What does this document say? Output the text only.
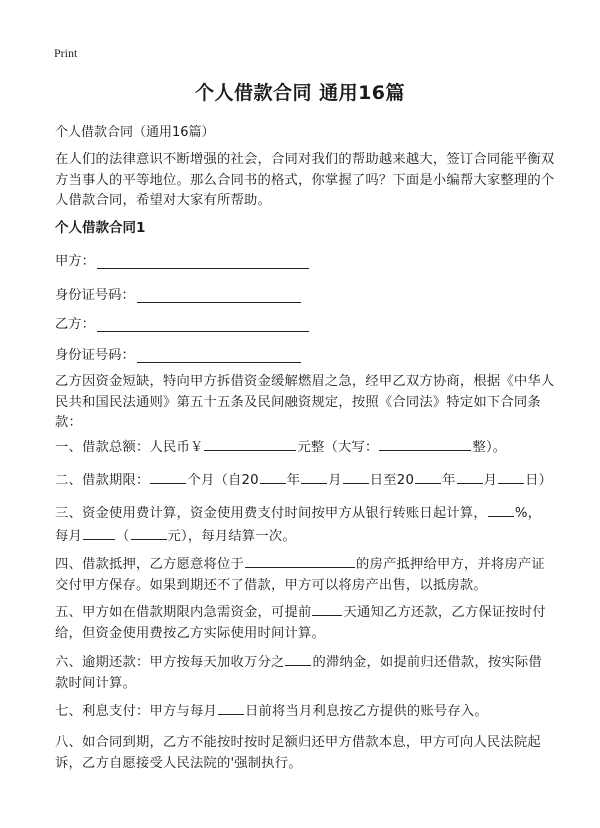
Print
个人借款合同 通用16篇
个人借款合同（通用16篇）
在人们的法律意识不断增强的社会，合同对我们的帮助越来越大，签订合同能平衡双方当事人的平等地位。那么合同书的格式，你掌握了吗？下面是小编帮大家整理的个人借款合同，希望对大家有所帮助。
个人借款合同1
甲方：
身份证号码：
乙方：
身份证号码：
乙方因资金短缺，特向甲方拆借资金缓解燃眉之急，经甲乙双方协商，根据《中华人民共和国民法通则》第五十五条及民间融资规定，按照《合同法》特定如下合同条款：
一、借款总额：人民币￥	元整（大写：	整）。
二、借款期限：	个月（自20 年 月 日至20 年 月 日）
三、资金使用费计算，资金使用费支付时间按甲方从银行转账日起计算， %，
每月	（	元），每月结算一次。
四、借款抵押，乙方愿意将位于	的房产抵押给甲方，并将房产证
交付甲方保存。如果到期还不了借款，甲方可以将房产出售，以抵房款。
五、甲方如在借款期限内急需资金，可提前 天通知乙方还款，乙方保证按时付
给，但资金使用费按乙方实际使用时间计算。
六、逾期还款：甲方按每天加收万分之 的滞纳金，如提前归还借款，按实际借
款时间计算。
七、利息支付：甲方与每月 日前将当月利息按乙方提供的账号存入。
八、如合同到期，乙方不能按时按时足额归还甲方借款本息，甲方可向人民法院起
诉，乙方自愿接受人民法院的'强制执行。
